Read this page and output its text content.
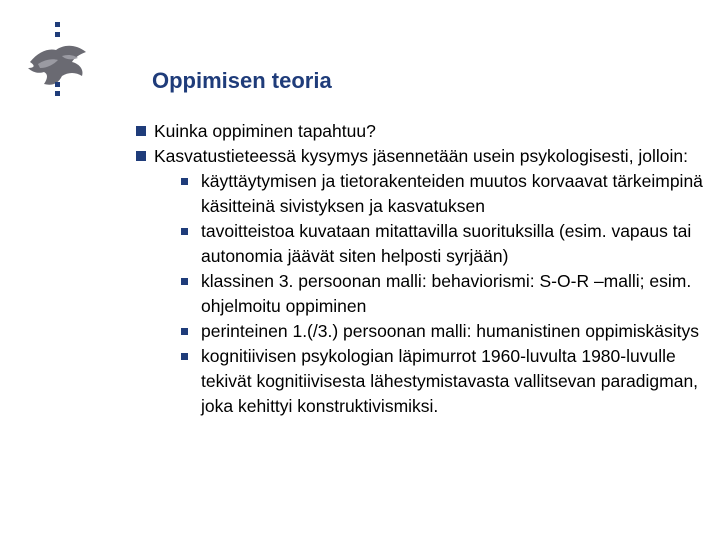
Oppimisen teoria
Kuinka oppiminen tapahtuu?
Kasvatustieteessä kysymys jäsennetään usein psykologisesti, jolloin:
käyttäytymisen ja tietorakenteiden muutos korvaavat tärkeimpinä käsitteinä sivistyksen ja kasvatuksen
tavoitteistoa kuvataan mitattavilla suorituksilla (esim. vapaus tai autonomia jäävät siten helposti syrjään)
klassinen 3. persoonan malli: behaviorismi: S-O-R –malli; esim. ohjelmoitu oppiminen
perinteinen 1.(/3.) persoonan malli: humanistinen oppimiskäsitys
kognitiivisen psykologian läpimurrot 1960-luvulta 1980-luvulle tekivät kognitiivisesta lähestymistavasta vallitsevan paradigman, joka kehittyi konstruktivismiksi.
